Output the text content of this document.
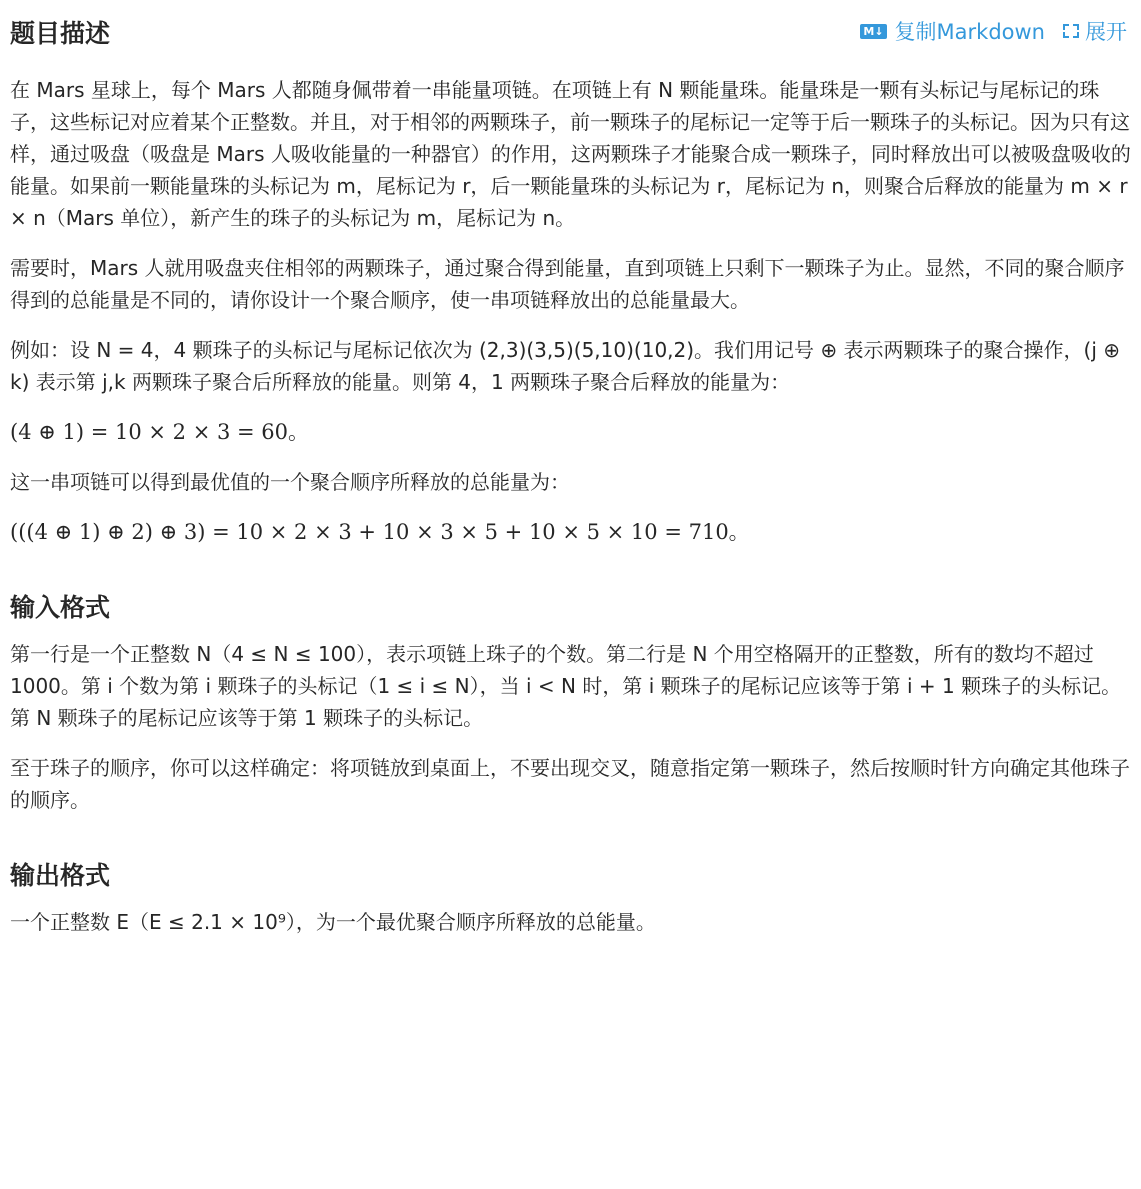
题目描述	M↓ 复制Markdown 展开

在 Mars 星球上，每个 Mars 人都随身佩带着一串能量项链。在项链上有 N 颗能量珠。能量珠是一颗有头标记与尾标记的珠子，这些标记对应着某个正整数。并且，对于相邻的两颗珠子，前一颗珠子的尾标记一定等于后一颗珠子的头标记。因为只有这样，通过吸盘（吸盘是 Mars 人吸收能量的一种器官）的作用，这两颗珠子才能聚合成一颗珠子，同时释放出可以被吸盘吸收的能量。如果前一颗能量珠的头标记为 m，尾标记为 r，后一颗能量珠的头标记为 r，尾标记为 n，则聚合后释放的能量为 m × r × n（Mars 单位），新产生的珠子的头标记为 m，尾标记为 n。

需要时，Mars 人就用吸盘夹住相邻的两颗珠子，通过聚合得到能量，直到项链上只剩下一颗珠子为止。显然，不同的聚合顺序得到的总能量是不同的，请你设计一个聚合顺序，使一串项链释放出的总能量最大。

例如：设 N = 4，4 颗珠子的头标记与尾标记依次为 (2,3)(3,5)(5,10)(10,2)。我们用记号 ⊕ 表示两颗珠子的聚合操作，(j ⊕ k) 表示第 j,k 两颗珠子聚合后所释放的能量。则第 4，1 两颗珠子聚合后释放的能量为：

(4 ⊕ 1) = 10 × 2 × 3 = 60。

这一串项链可以得到最优值的一个聚合顺序所释放的总能量为：

(((4 ⊕ 1) ⊕ 2) ⊕ 3) = 10 × 2 × 3 + 10 × 3 × 5 + 10 × 5 × 10 = 710。

输入格式

第一行是一个正整数 N（4 ≤ N ≤ 100），表示项链上珠子的个数。第二行是 N 个用空格隔开的正整数，所有的数均不超过 1000。第 i 个数为第 i 颗珠子的头标记（1 ≤ i ≤ N），当 i < N 时，第 i 颗珠子的尾标记应该等于第 i + 1 颗珠子的头标记。第 N 颗珠子的尾标记应该等于第 1 颗珠子的头标记。

至于珠子的顺序，你可以这样确定：将项链放到桌面上，不要出现交叉，随意指定第一颗珠子，然后按顺时针方向确定其他珠子的顺序。

输出格式

一个正整数 E（E ≤ 2.1 × 10⁹），为一个最优聚合顺序所释放的总能量。
